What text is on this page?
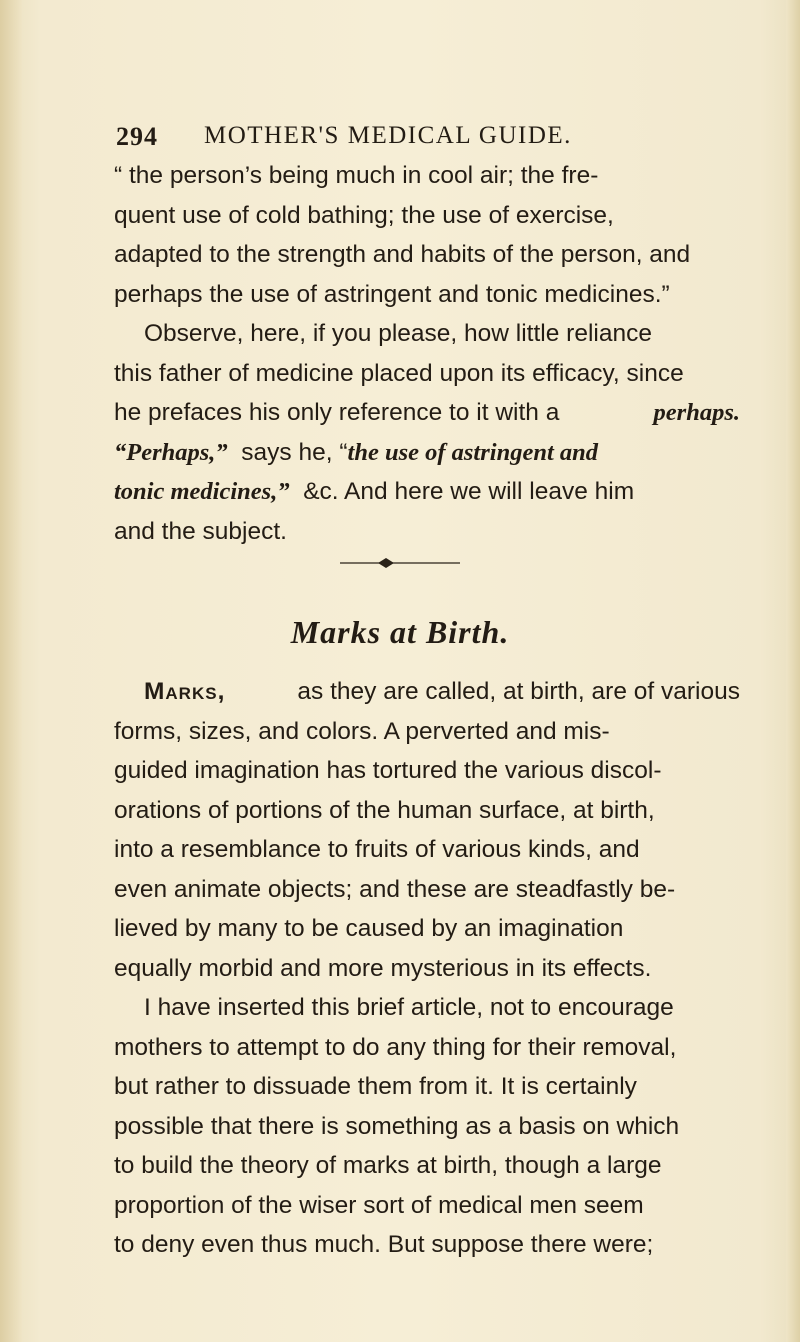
294 MOTHER'S MEDICAL GUIDE.
“ the person’s being much in cool air; the fre-
quent use of cold bathing; the use of exercise,
adapted to the strength and habits of the person, and
perhaps the use of astringent and tonic medicines.”
Observe, here, if you please, how little reliance
this father of medicine placed upon its efficacy, since
he prefaces his only reference to it with a
	perhaps.
“Perhaps,”
says he, “ the use of astringent and
tonic medicines,”
&c. And here we will leave him
and the subject.
Marks at Birth.
Marks,
	as they are called, at birth, are of various
forms, sizes, and colors. A perverted and mis-
guided imagination has tortured the various discol-
orations of portions of the human surface, at birth,
into a resemblance to fruits of various kinds, and
even animate objects; and these are steadfastly be-
lieved by many to be caused by an imagination
equally morbid and more mysterious in its effects.
I have inserted this brief article, not to encourage
mothers to attempt to do any thing for their removal,
but rather to dissuade them from it. It is certainly
possible that there is something as a basis on which
to build the theory of marks at birth, though a large
proportion of the wiser sort of medical men seem
to deny even thus much. But suppose there were;
